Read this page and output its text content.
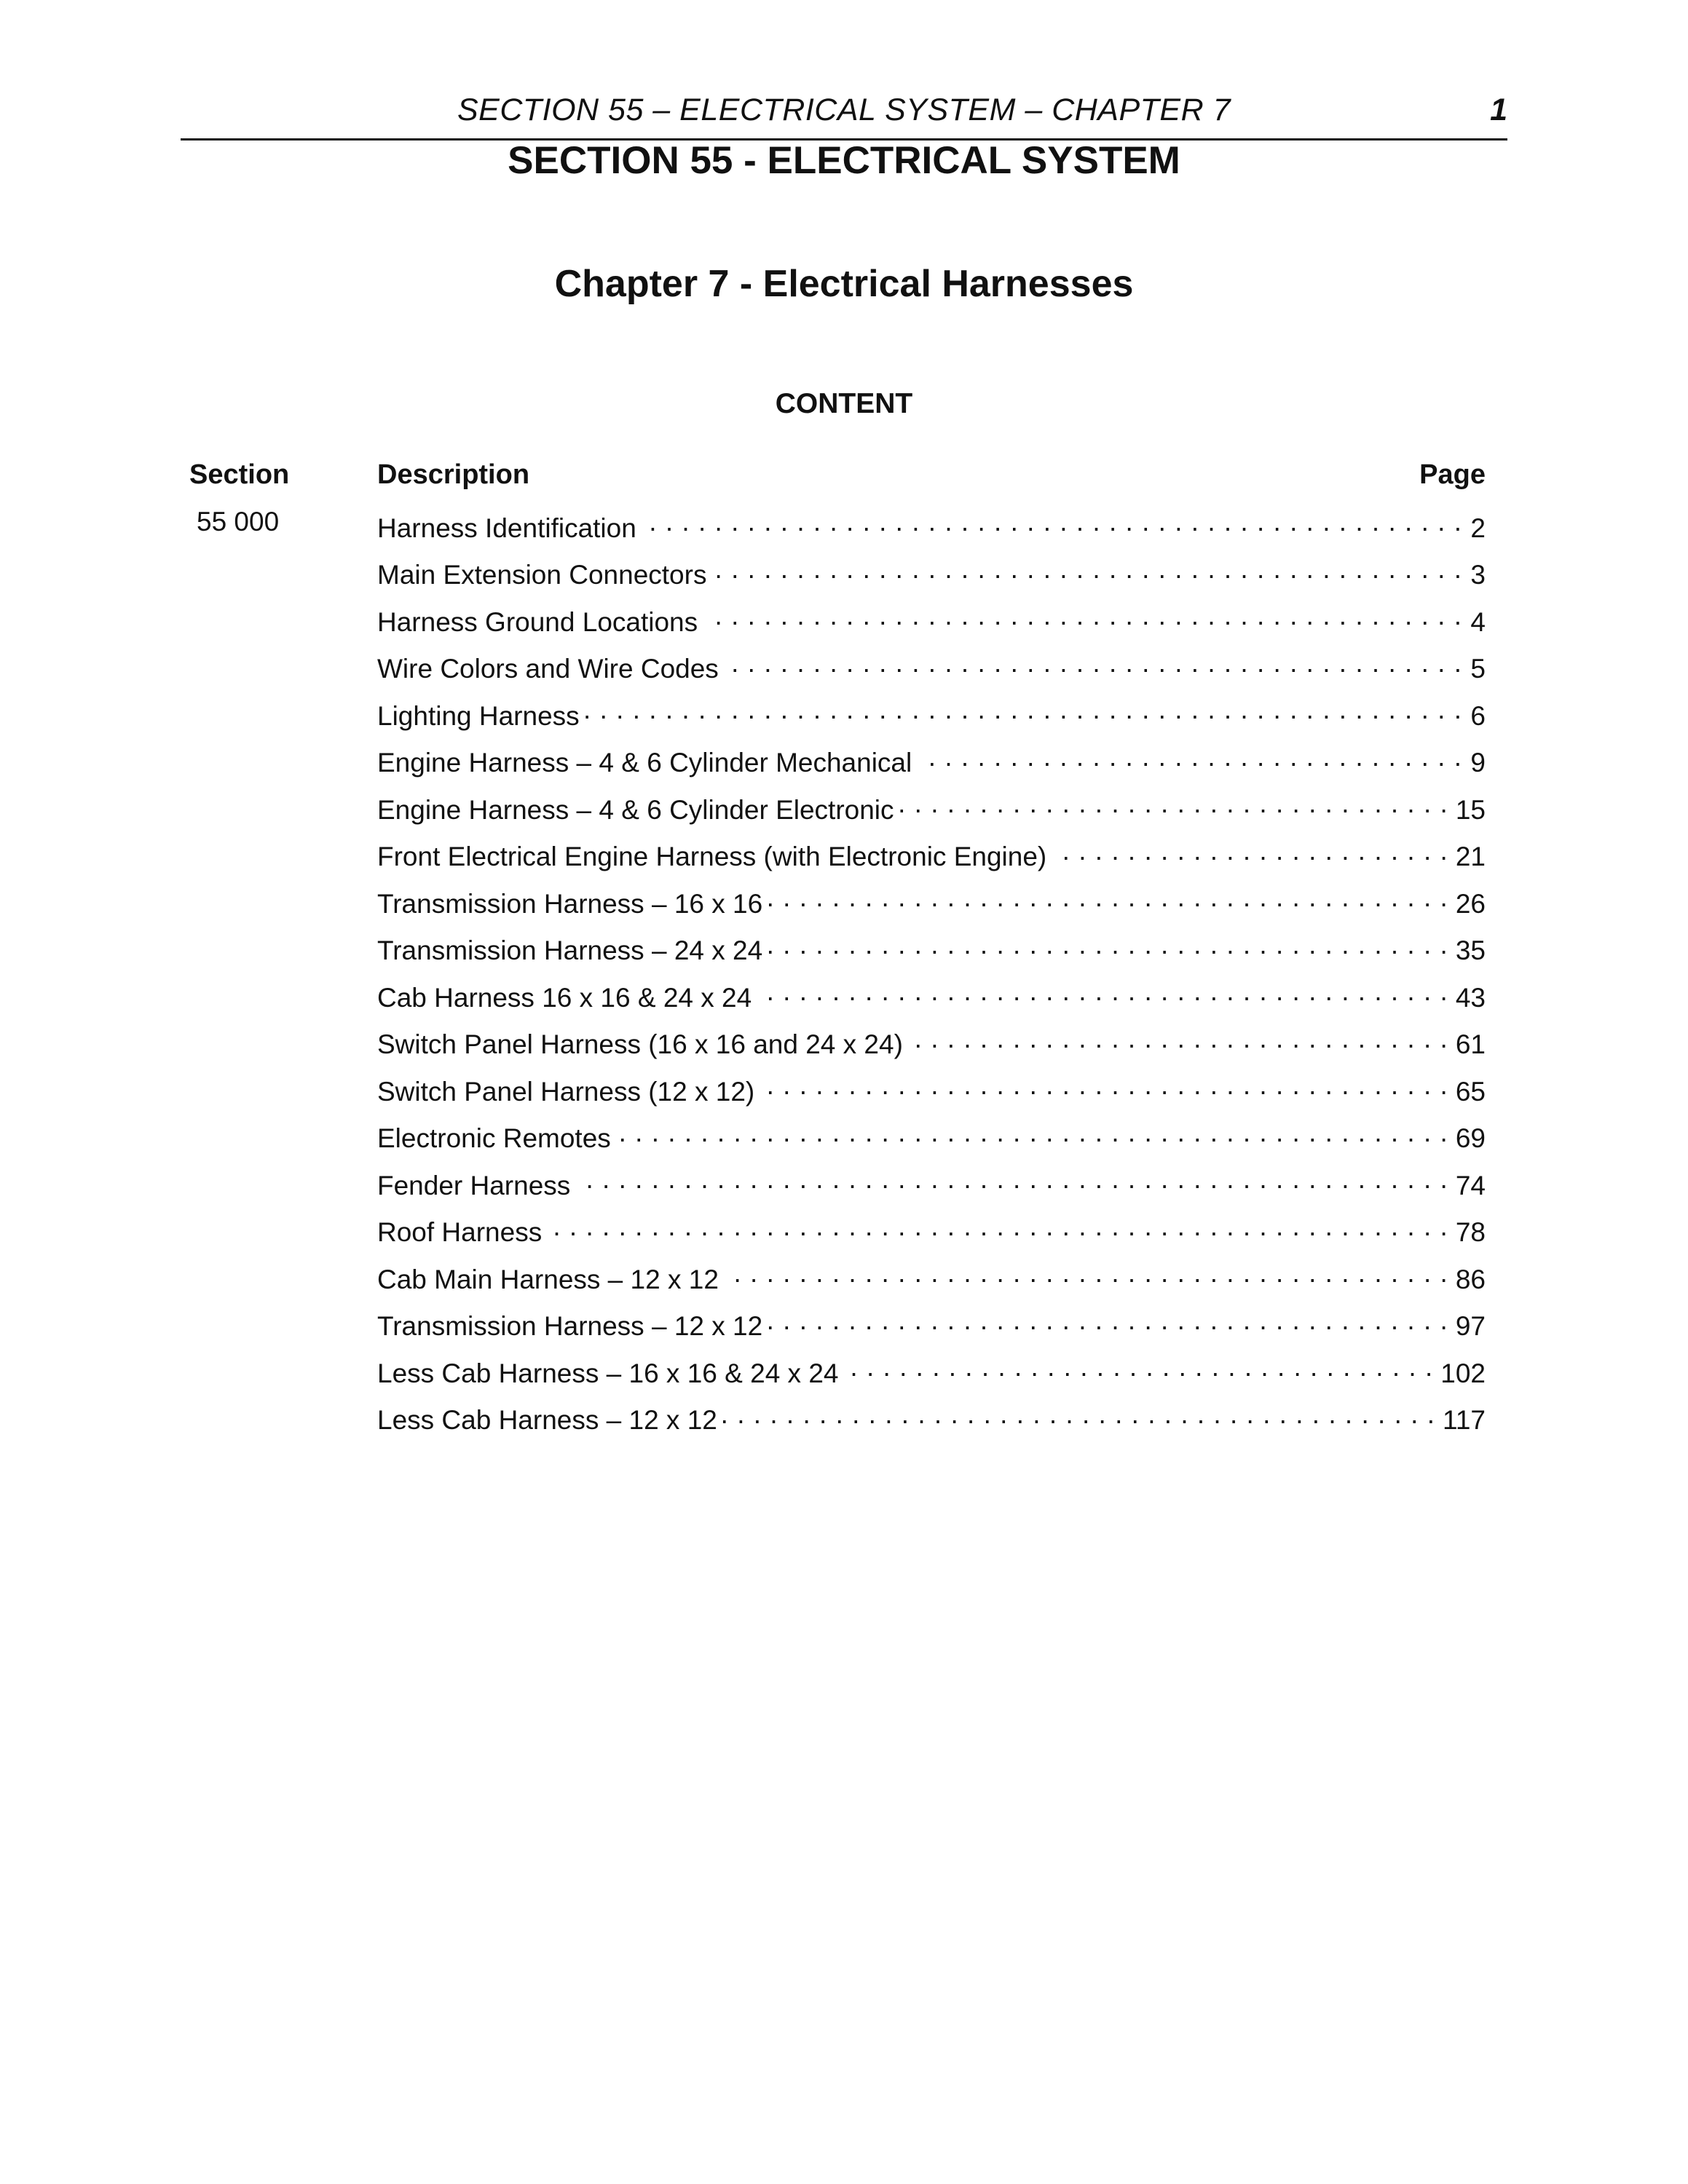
SECTION 55 – ELECTRICAL SYSTEM – CHAPTER 7	1
SECTION 55 - ELECTRICAL SYSTEM
Chapter 7 - Electrical Harnesses
CONTENT
Section	Description	Page
55 000	Harness Identification . . .	2
Main Extension Connectors . . .	3
Harness Ground Locations . . .	4
Wire Colors and Wire Codes . . .	5
Lighting Harness . . .	6
Engine Harness – 4 & 6 Cylinder Mechanical . . .	9
Engine Harness – 4 & 6 Cylinder Electronic . . .	15
Front Electrical Engine Harness (with Electronic Engine) . . .	21
Transmission Harness – 16 x 16 . . .	26
Transmission Harness – 24 x 24 . . .	35
Cab Harness 16 x 16 & 24 x 24 . . .	43
Switch Panel Harness (16 x 16 and 24 x 24) . . .	61
Switch Panel Harness (12 x 12) . . .	65
Electronic Remotes . . .	69
Fender Harness . . .	74
Roof Harness . . .	78
Cab Main Harness – 12 x 12 . . .	86
Transmission Harness – 12 x 12 . . .	97
Less Cab Harness – 16 x 16 & 24 x 24 . . .	102
Less Cab Harness – 12 x 12 . . .	117
